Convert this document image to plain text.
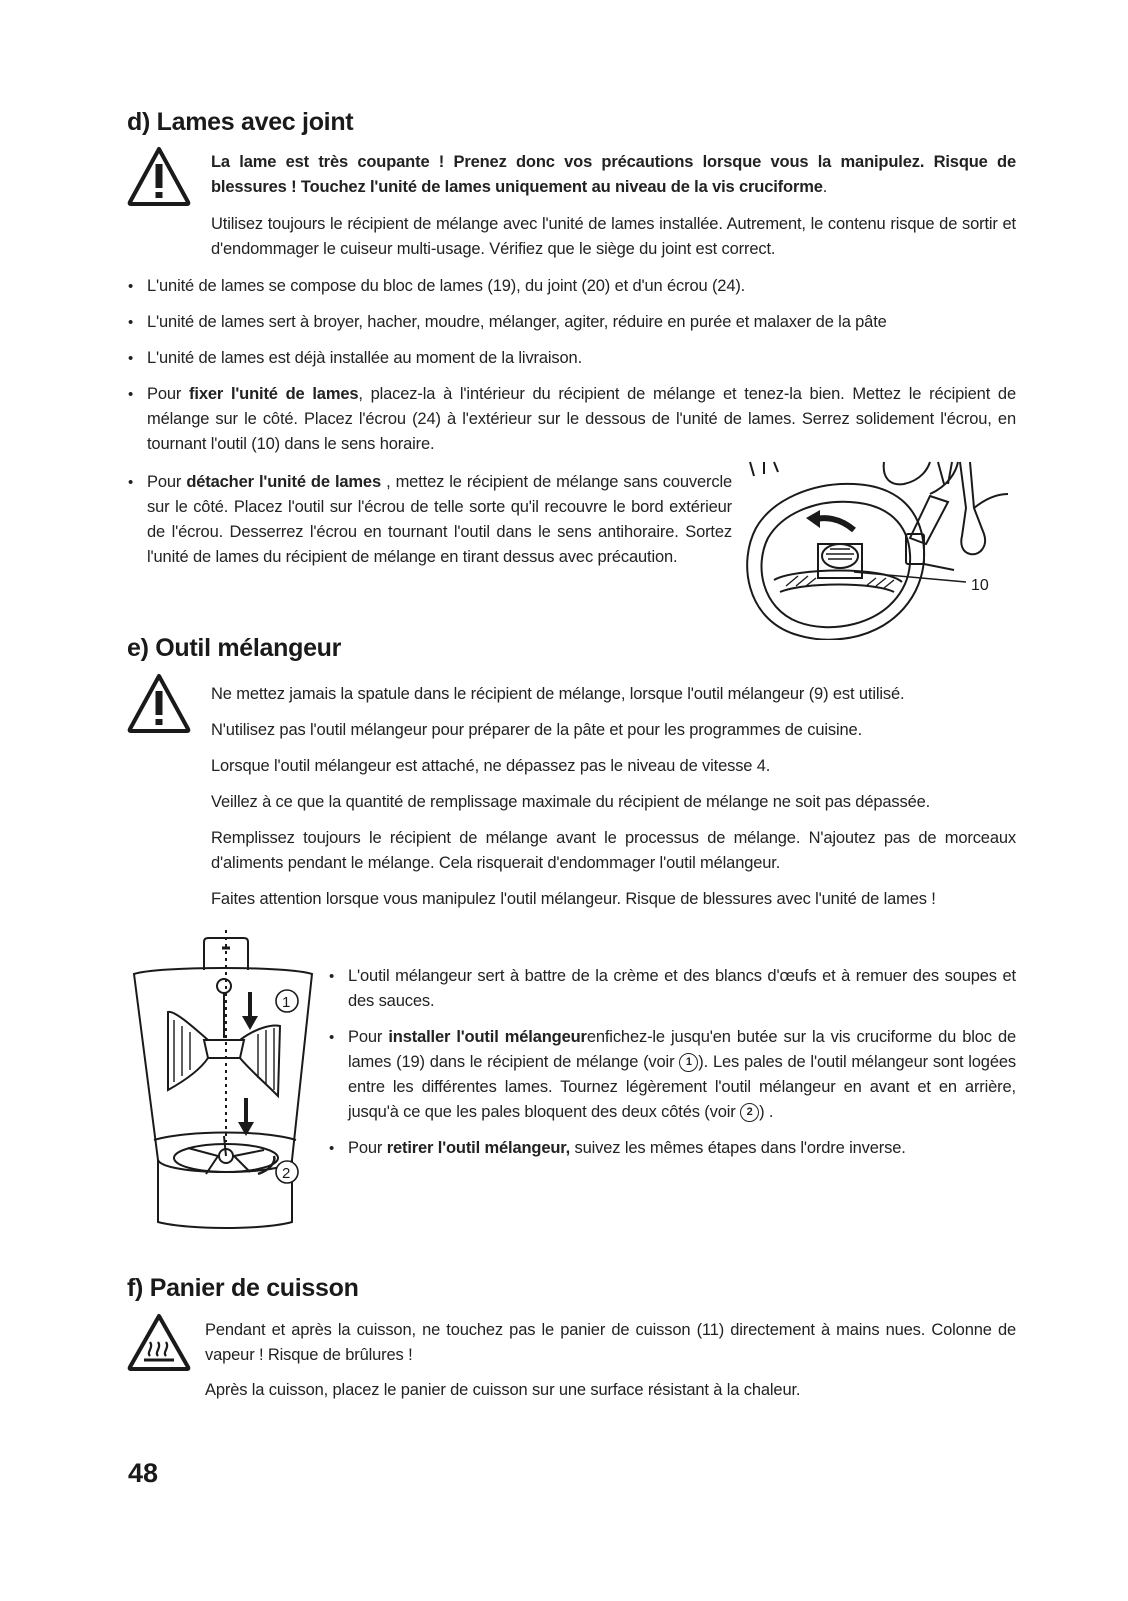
d) Lames avec joint

La lame est très coupante ! Prenez donc vos précautions lorsque vous la manipulez. Risque de blessures ! Touchez l'unité de lames uniquement au niveau de la vis cruciforme.

Utilisez toujours le récipient de mélange avec l'unité de lames installée. Autrement, le contenu risque de sortir et d'endommager le cuiseur multi-usage. Vérifiez que le siège du joint est correct.

• L'unité de lames se compose du bloc de lames (19), du joint (20) et d'un écrou (24).
• L'unité de lames sert à broyer, hacher, moudre, mélanger, agiter, réduire en purée et malaxer de la pâte
• L'unité de lames est déjà installée au moment de la livraison.
• Pour fixer l'unité de lames, placez-la à l'intérieur du récipient de mélange et tenez-la bien. Mettez le récipient de mélange sur le côté. Placez l'écrou (24) à l'extérieur sur le dessous de l'unité de lames. Serrez solidement l'écrou, en tournant l'outil (10) dans le sens horaire.
• Pour détacher l'unité de lames , mettez le récipient de mélange sans couvercle sur le côté. Placez l'outil sur l'écrou de telle sorte qu'il recouvre le bord extérieur de l'écrou. Desserrez l'écrou en tournant l'outil dans le sens antihoraire. Sortez l'unité de lames du récipient de mélange en tirant dessus avec précaution.
10
e) Outil mélangeur

Ne mettez jamais la spatule dans le récipient de mélange, lorsque l'outil mélangeur (9) est utilisé.

N'utilisez pas l'outil mélangeur pour préparer de la pâte et pour les programmes de cuisine.

Lorsque l'outil mélangeur est attaché, ne dépassez pas le niveau de vitesse 4.

Veillez à ce que la quantité de remplissage maximale du récipient de mélange ne soit pas dépassée.

Remplissez toujours le récipient de mélange avant le processus de mélange. N'ajoutez pas de morceaux d'aliments pendant le mélange. Cela risquerait d'endommager l'outil mélangeur.

Faites attention lorsque vous manipulez l'outil mélangeur. Risque de blessures avec l'unité de lames !

1
2
• L'outil mélangeur sert à battre de la crème et des blancs d'œufs et à remuer des soupes et des sauces.
• Pour installer l'outil mélangeurenfichez-le jusqu'en butée sur la vis cruciforme du bloc de lames (19) dans le récipient de mélange (voir 1 ). Les pales de l'outil mélangeur sont logées entre les différentes lames. Tournez légèrement l'outil mélangeur en avant et en arrière, jusqu'à ce que les pales bloquent des deux côtés (voir 2 ) .
• Pour retirer l'outil mélangeur, suivez les mêmes étapes dans l'ordre inverse.
f) Panier de cuisson

Pendant et après la cuisson, ne touchez pas le panier de cuisson (11) directement à mains nues. Colonne de vapeur ! Risque de brûlures !

Après la cuisson, placez le panier de cuisson sur une surface résistant à la chaleur.

48
